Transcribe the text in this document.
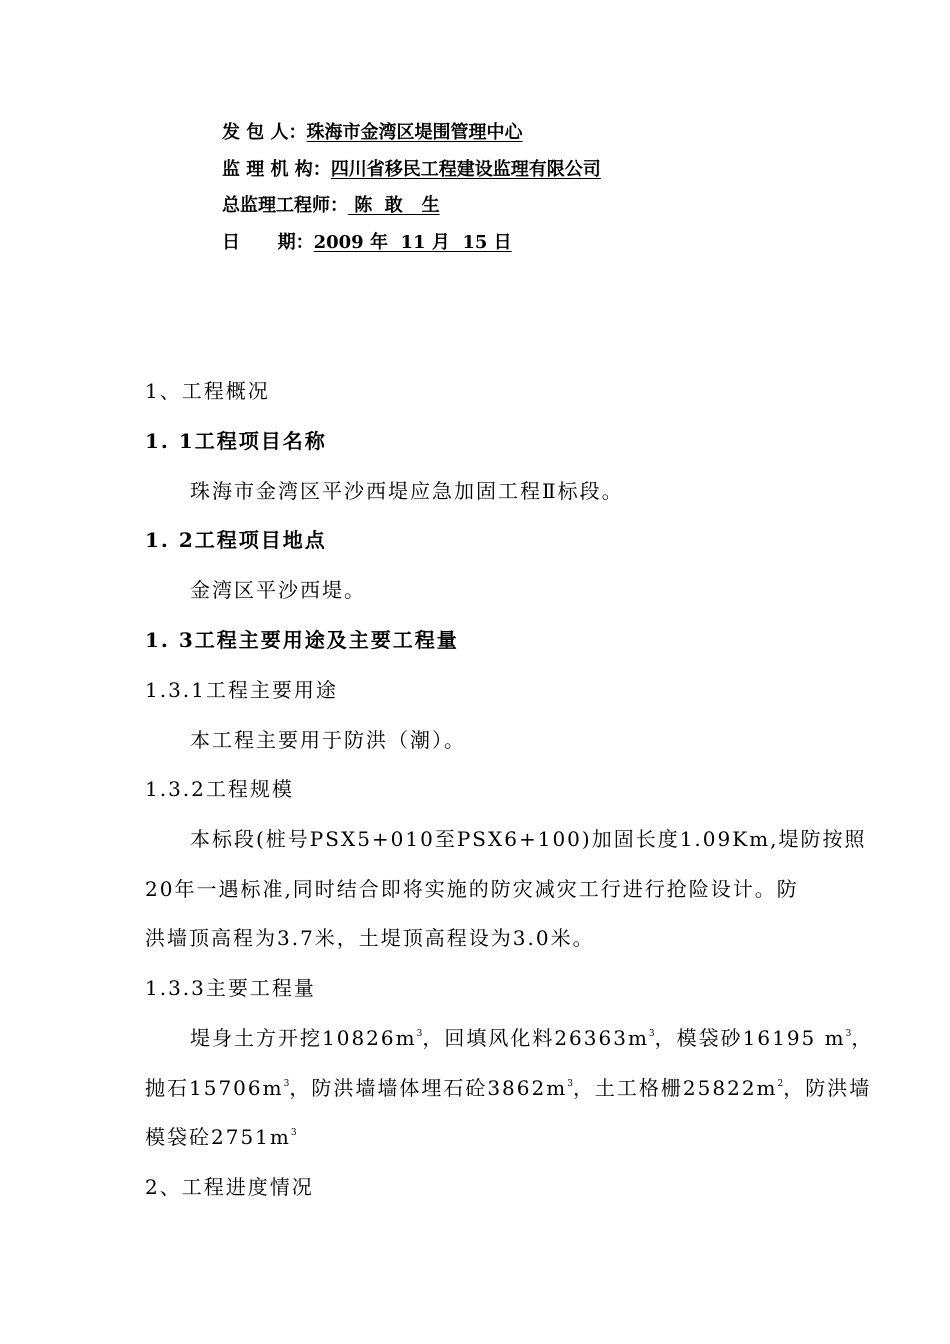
发 包 人：珠海市金湾区堤围管理中心
监 理 机 构：四川省移民工程建设监理有限公司
总监理工程师： 陈  敢   生
日      期：2009 年  11 月  15 日
1、工程概况
1. 1工程项目名称
珠海市金湾区平沙西堤应急加固工程Ⅱ标段。
1. 2工程项目地点
金湾区平沙西堤。
1. 3工程主要用途及主要工程量
1.3.1工程主要用途
本工程主要用于防洪（潮）。
1.3.2工程规模
本标段(桩号PSX5+010至PSX6+100)加固长度1.09Km,堤防按照
20年一遇标准,同时结合即将实施的防灾减灾工行进行抢险设计。防
洪墙顶高程为3.7米，土堤顶高程设为3.0米。
1.3.3主要工程量
堤身土方开挖$10826m^3$，回填风化料$26363m^3$，模袋砂16195 $m^3$，
抛石$15706m^3$，防洪墙墙体埋石砼$3862m^3$，土工格栅$25822m^2$，防洪墙
模袋砼$2751m^3$
2、工程进度情况
